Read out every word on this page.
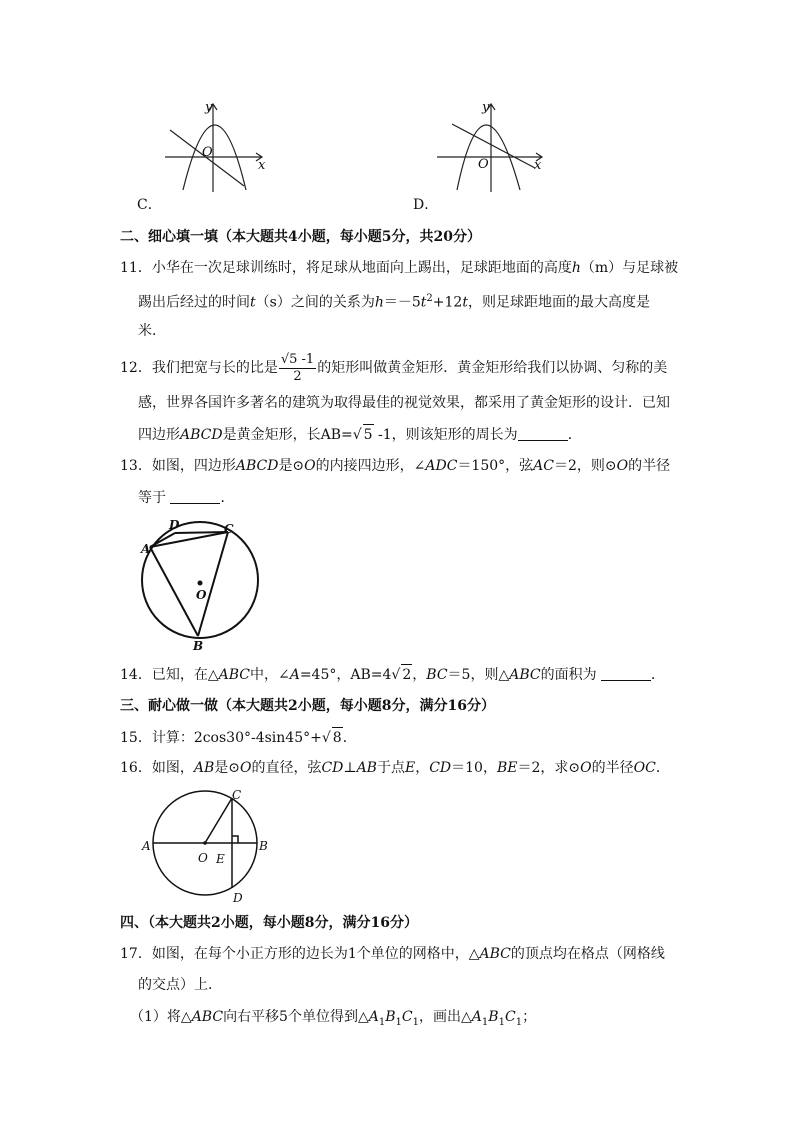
y
x
O
C．
y
x
O
D．
二、细心填一填（本大题共4小题，每小题5分，共20分）
11．小华在一次足球训练时，将足球从地面向上踢出，足球距地面的高度h（m）与足球被
踢出后经过的时间t（s）之间的关系为$h=-5t^2+12t$，则足球距地面的最大高度是
米．
12．我们把宽与长的比是 $\frac{√5 -1}{2}$ 的矩形叫做黄金矩形．黄金矩形给我们以协调、匀称的美
感，世界各国许多著名的建筑为取得最佳的视觉效果，都采用了黄金矩形的设计．已知
四边形ABCD是黄金矩形，长AB=√ 5 -1，则该矩形的周长为	．
13．如图，四边形ABCD是⊙O的内接四边形，∠ADC＝150°，弦AC＝2，则⊙O的半径
等于	．
A
B
C
D
O
14．已知，在△ABC中，∠A=45°，AB=4√ 2，BC＝5，则△ABC的面积为	．
三、耐心做一做（本大题共2小题，每小题8分，满分16分）
15．计算：2cos30°-4sin45°+√ 8．
16．如图，AB是⊙O的直径，弦CD⊥AB于点E，CD＝10，BE＝2，求⊙O的半径OC．
A	B
C
D
O E
四、（本大题共2小题，每小题8分，满分16分）
17．如图，在每个小正方形的边长为1个单位的网格中，△ABC的顶点均在格点（网格线
的交点）上．
（1）将△ABC向右平移5个单位得到$\triangle A_1B_1C_1$，画出$\triangle A_1B_1C_1$；
